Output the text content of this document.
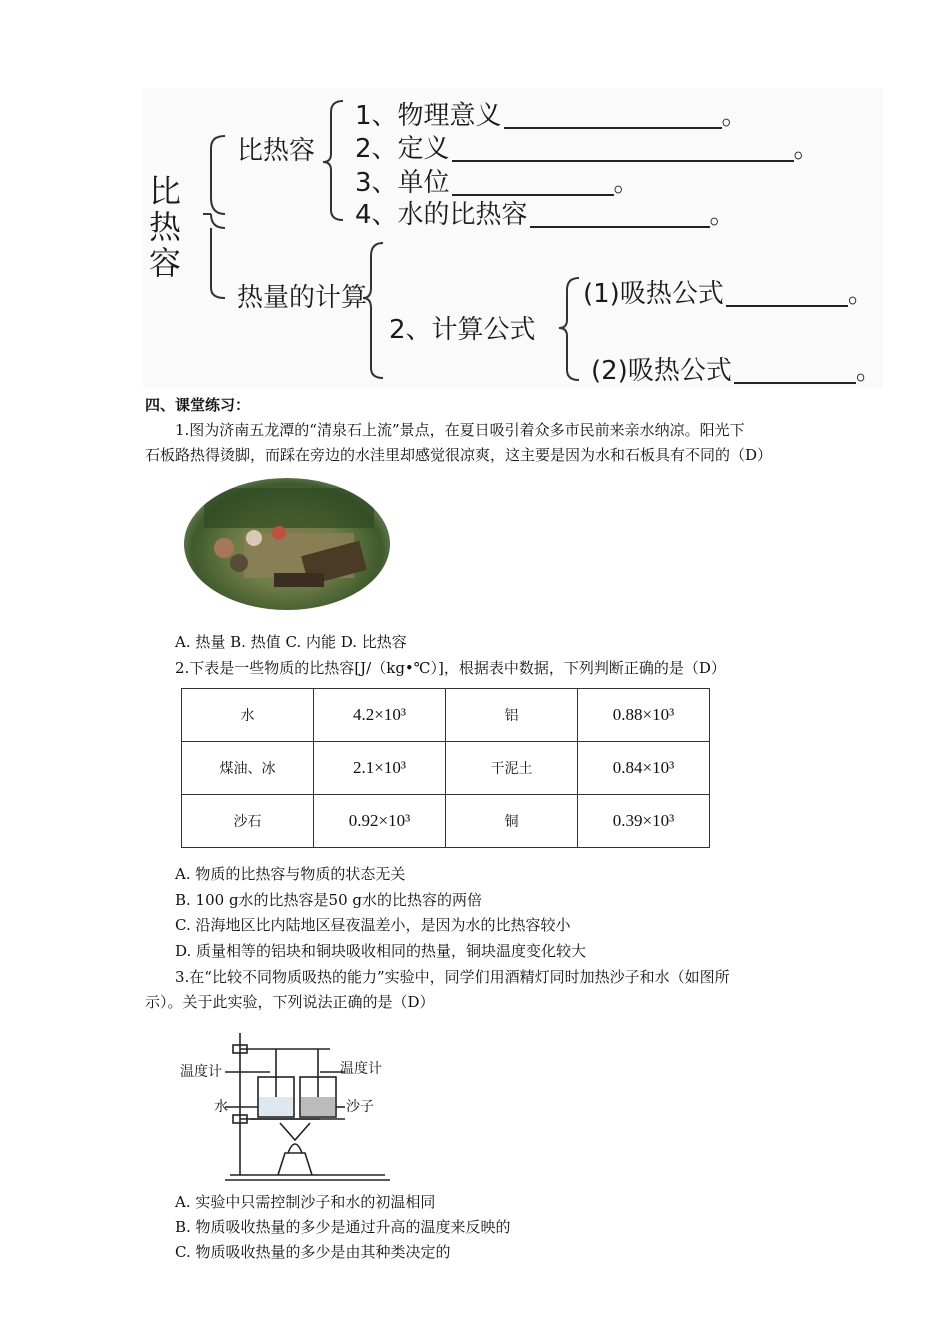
比热容
比热容
1、物理意义	。
2、定义	。
3、单位	。
4、水的比热容	。
热量的计算
2、计算公式
(1)吸热公式	。
(2)吸热公式	。
四、课堂练习：
1.图为济南五龙潭的“清泉石上流”景点，在夏日吸引着众多市民前来亲水纳凉。阳光下
石板路热得烫脚，而踩在旁边的水洼里却感觉很凉爽，这主要是因为水和石板具有不同的（D）
A. 热量 B. 热值 C. 内能 D. 比热容
2.下表是一些物质的比热容[J/（kg•℃）]，根据表中数据，下列判断正确的是（D）
水	4.2×10³	铝	0.88×10³
煤油、冰	2.1×10³	干泥土	0.84×10³
沙石	0.92×10³	铜	0.39×10³
A. 物质的比热容与物质的状态无关
B. 100 g水的比热容是50 g水的比热容的两倍
C. 沿海地区比内陆地区昼夜温差小，是因为水的比热容较小
D. 质量相等的铝块和铜块吸收相同的热量，铜块温度变化较大
3.在“比较不同物质吸热的能力”实验中，同学们用酒精灯同时加热沙子和水（如图所
示）。关于此实验，下列说法正确的是（D）
温度计	温度计
水	沙子
A. 实验中只需控制沙子和水的初温相同
B. 物质吸收热量的多少是通过升高的温度来反映的
C. 物质吸收热量的多少是由其种类决定的
